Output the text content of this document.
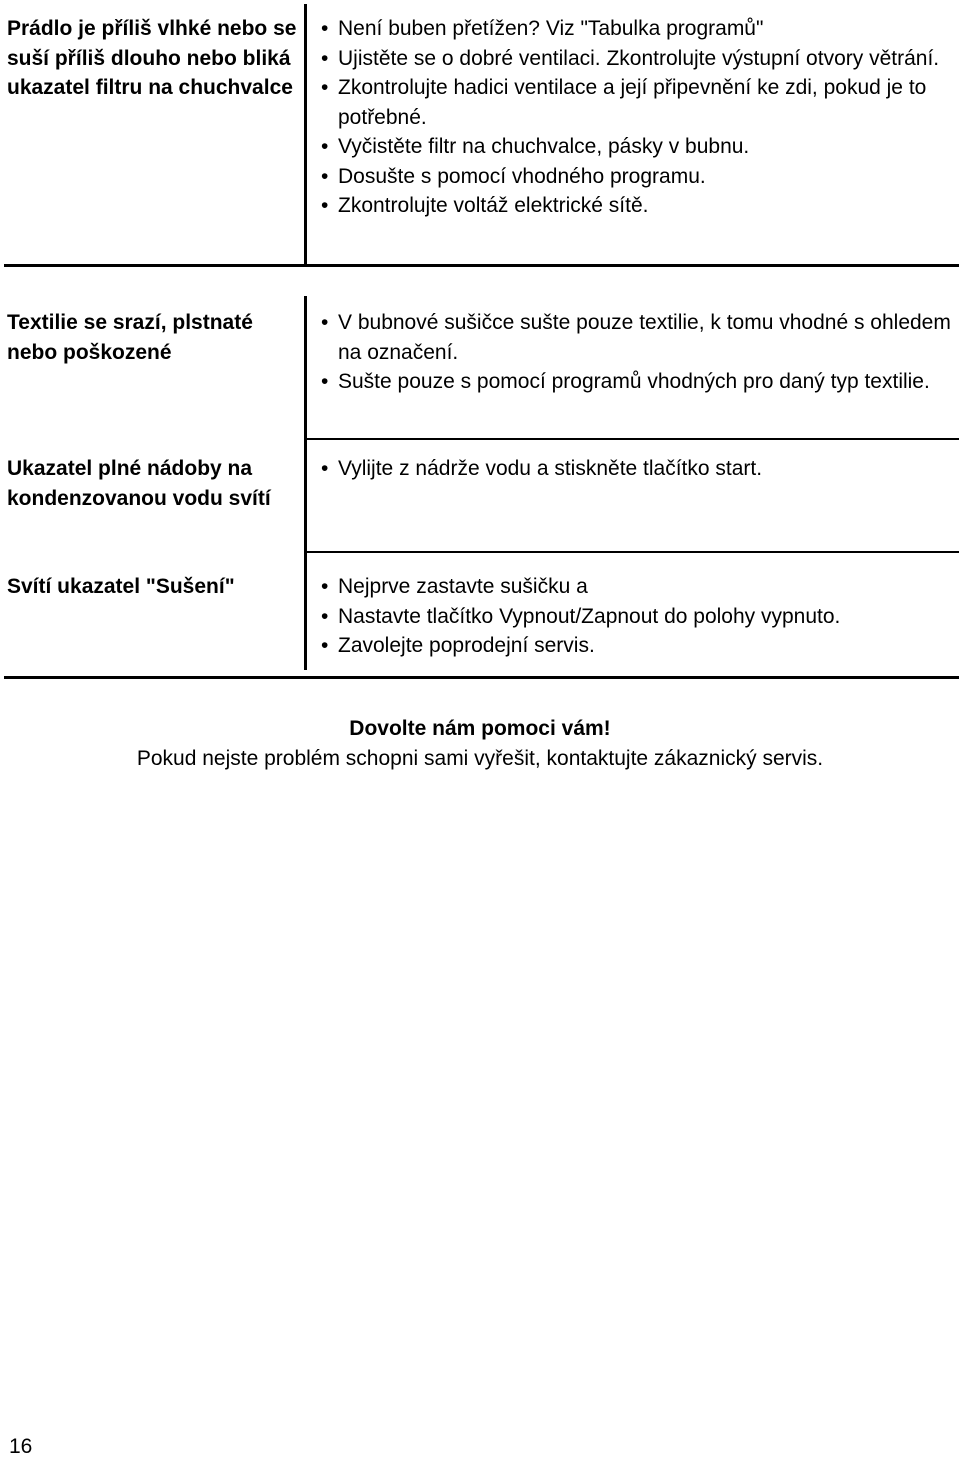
Prádlo je příliš vlhké nebo se suší příliš dlouho nebo bliká ukazatel filtru na chuchvalce
• Není buben přetížen? Viz "Tabulka programů"
• Ujistěte se o dobré ventilaci. Zkontrolujte výstupní otvory větrání.
• Zkontrolujte hadici ventilace a její připevnění ke zdi, pokud je to potřebné.
• Vyčistěte filtr na chuchvalce, pásky v bubnu.
• Dosušte s pomocí vhodného programu.
• Zkontrolujte voltáž elektrické sítě.
Textilie se srazí, plstnaté nebo poškozené
• V bubnové sušičce sušte pouze textilie, k tomu vhodné s ohledem na označení.
• Sušte pouze s pomocí programů vhodných pro daný typ textilie.
Ukazatel plné nádoby na kondenzovanou vodu svítí
• Vylijte z nádrže vodu a stiskněte tlačítko start.
Svítí ukazatel "Sušení"	• Nejprve zastavte sušičku a
• Nastavte tlačítko Vypnout/Zapnout do polohy vypnuto.
• Zavolejte poprodejní servis.
Dovolte nám pomoci vám!
Pokud nejste problém schopni sami vyřešit, kontaktujte zákaznický servis.
16
